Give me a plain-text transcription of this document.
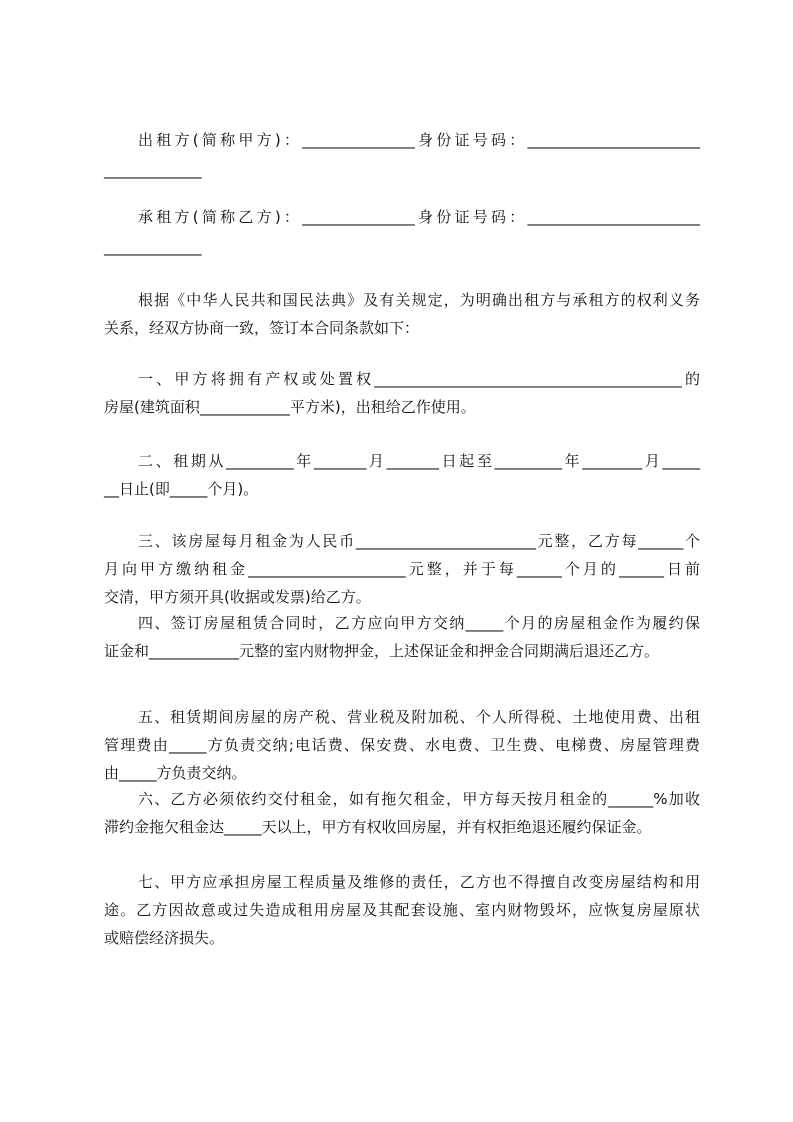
出租方(简称甲方)：_______________身份证号码：_______________________
_____________
承租方(简称乙方)：_______________身份证号码：_______________________
_____________
根据《中华人民共和国民法典》及有关规定，为明确出租方与承租方的权利义务
关系，经双方协商一致，签订本合同条款如下：
一、甲方将拥有产权或处置权_________________________________________的
房屋(建筑面积____________平方米)，出租给乙作使用。
二、租期从_________年_______月_______日起至_________年________月_____
__日止(即_____个月)。
三、该房屋每月租金为人民币________________________元整，乙方每______个
月向甲方缴纳租金_____________________元整，并于每______个月的______日前
交清，甲方须开具(收据或发票)给乙方。
四、签订房屋租赁合同时，乙方应向甲方交纳_____个月的房屋租金作为履约保
证金和____________元整的室内财物押金，上述保证金和押金合同期满后退还乙方。
五、租赁期间房屋的房产税、营业税及附加税、个人所得税、土地使用费、出租
管理费由_____方负责交纳;电话费、保安费、水电费、卫生费、电梯费、房屋管理费
由_____方负责交纳。
六、乙方必须依约交付租金，如有拖欠租金，甲方每天按月租金的______%加收
滞约金拖欠租金达_____天以上，甲方有权收回房屋，并有权拒绝退还履约保证金。
七、甲方应承担房屋工程质量及维修的责任，乙方也不得擅自改变房屋结构和用
途。乙方因故意或过失造成租用房屋及其配套设施、室内财物毁坏，应恢复房屋原状
或赔偿经济损失。
